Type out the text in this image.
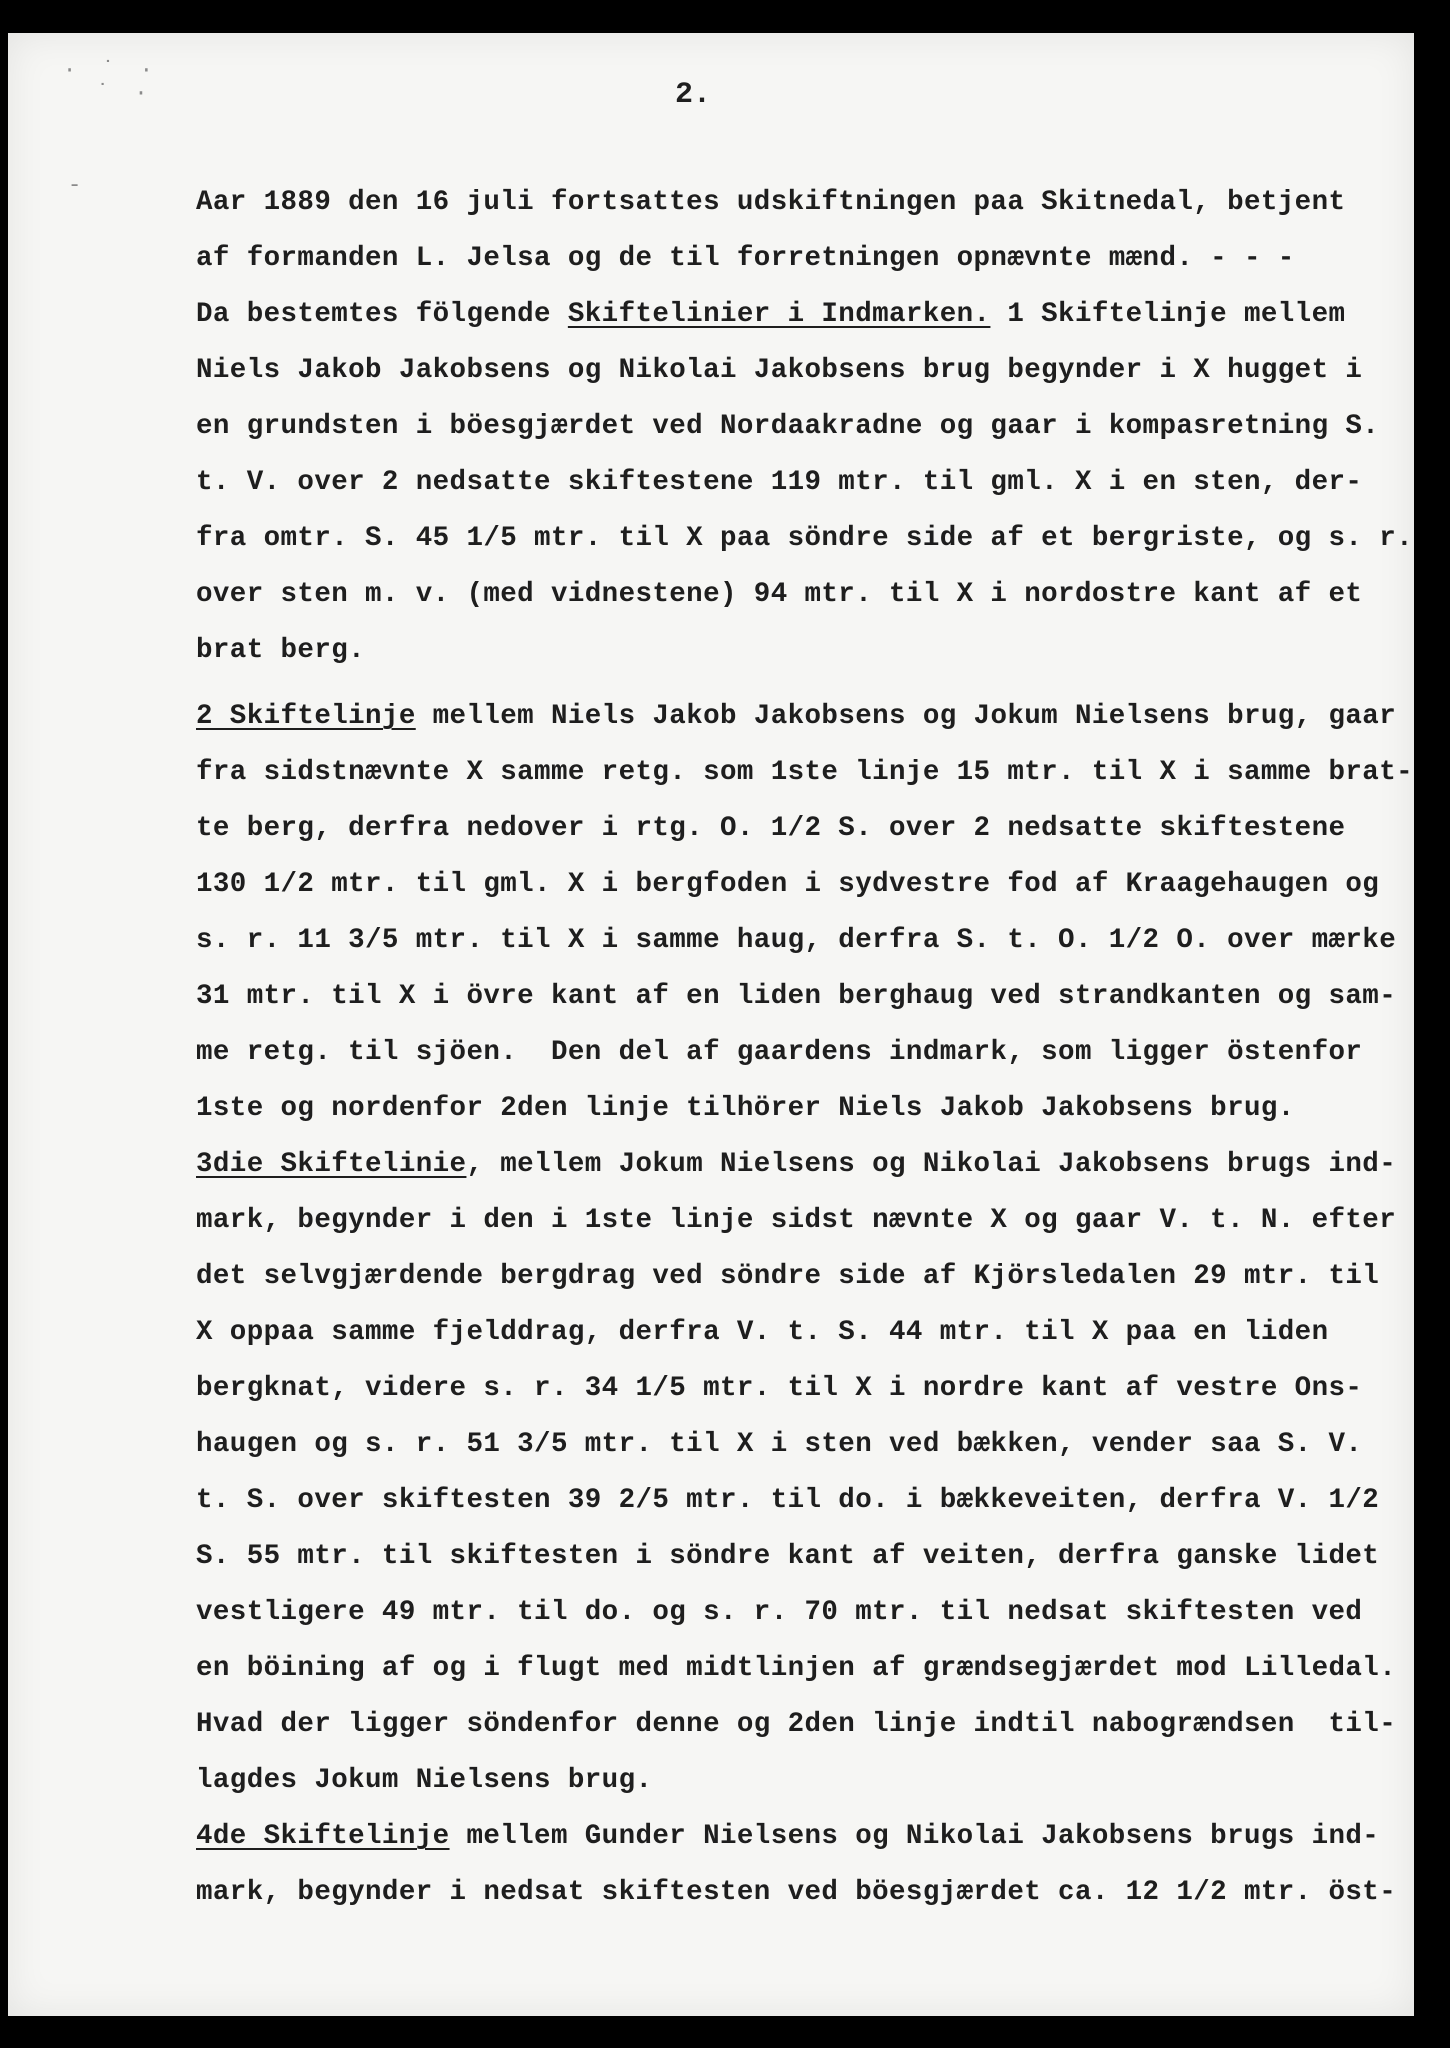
· ˙ ·
˙ ·
-
2.
Aar 1889 den 16 juli fortsattes udskiftningen paa Skitnedal, betjent
af formanden L. Jelsa og de til forretningen opnævnte mænd. - - -
Da bestemtes fölgende Skiftelinier i Indmarken. 1 Skiftelinje mellem
Niels Jakob Jakobsens og Nikolai Jakobsens brug begynder i X hugget i
en grundsten i böesgjærdet ved Nordaakradne og gaar i kompasretning S.
t. V. over 2 nedsatte skiftestene 119 mtr. til gml. X i en sten, der-
fra omtr. S. 45 1/5 mtr. til X paa söndre side af et bergriste, og s. r.
over sten m. v. (med vidnestene) 94 mtr. til X i nordostre kant af et
brat berg.
2 Skiftelinje mellem Niels Jakob Jakobsens og Jokum Nielsens brug, gaar
fra sidstnævnte X samme retg. som 1ste linje 15 mtr. til X i samme brat-
te berg, derfra nedover i rtg. O. 1/2 S. over 2 nedsatte skiftestene
130 1/2 mtr. til gml. X i bergfoden i sydvestre fod af Kraagehaugen og
s. r. 11 3/5 mtr. til X i samme haug, derfra S. t. O. 1/2 O. over mærke
31 mtr. til X i övre kant af en liden berghaug ved strandkanten og sam-
me retg. til sjöen.  Den del af gaardens indmark, som ligger östenfor
1ste og nordenfor 2den linje tilhörer Niels Jakob Jakobsens brug.
3die Skiftelinie, mellem Jokum Nielsens og Nikolai Jakobsens brugs ind-
mark, begynder i den i 1ste linje sidst nævnte X og gaar V. t. N. efter
det selvgjærdende bergdrag ved söndre side af Kjörsledalen 29 mtr. til
X oppaa samme fjelddrag, derfra V. t. S. 44 mtr. til X paa en liden
bergknat, videre s. r. 34 1/5 mtr. til X i nordre kant af vestre Ons-
haugen og s. r. 51 3/5 mtr. til X i sten ved bækken, vender saa S. V.
t. S. over skiftesten 39 2/5 mtr. til do. i bækkeveiten, derfra V. 1/2
S. 55 mtr. til skiftesten i söndre kant af veiten, derfra ganske lidet
vestligere 49 mtr. til do. og s. r. 70 mtr. til nedsat skiftesten ved
en böining af og i flugt med midtlinjen af grændsegjærdet mod Lilledal.
Hvad der ligger söndenfor denne og 2den linje indtil nabogrændsen  til-
lagdes Jokum Nielsens brug.
4de Skiftelinje mellem Gunder Nielsens og Nikolai Jakobsens brugs ind-
mark, begynder i nedsat skiftesten ved böesgjærdet ca. 12 1/2 mtr. öst-
